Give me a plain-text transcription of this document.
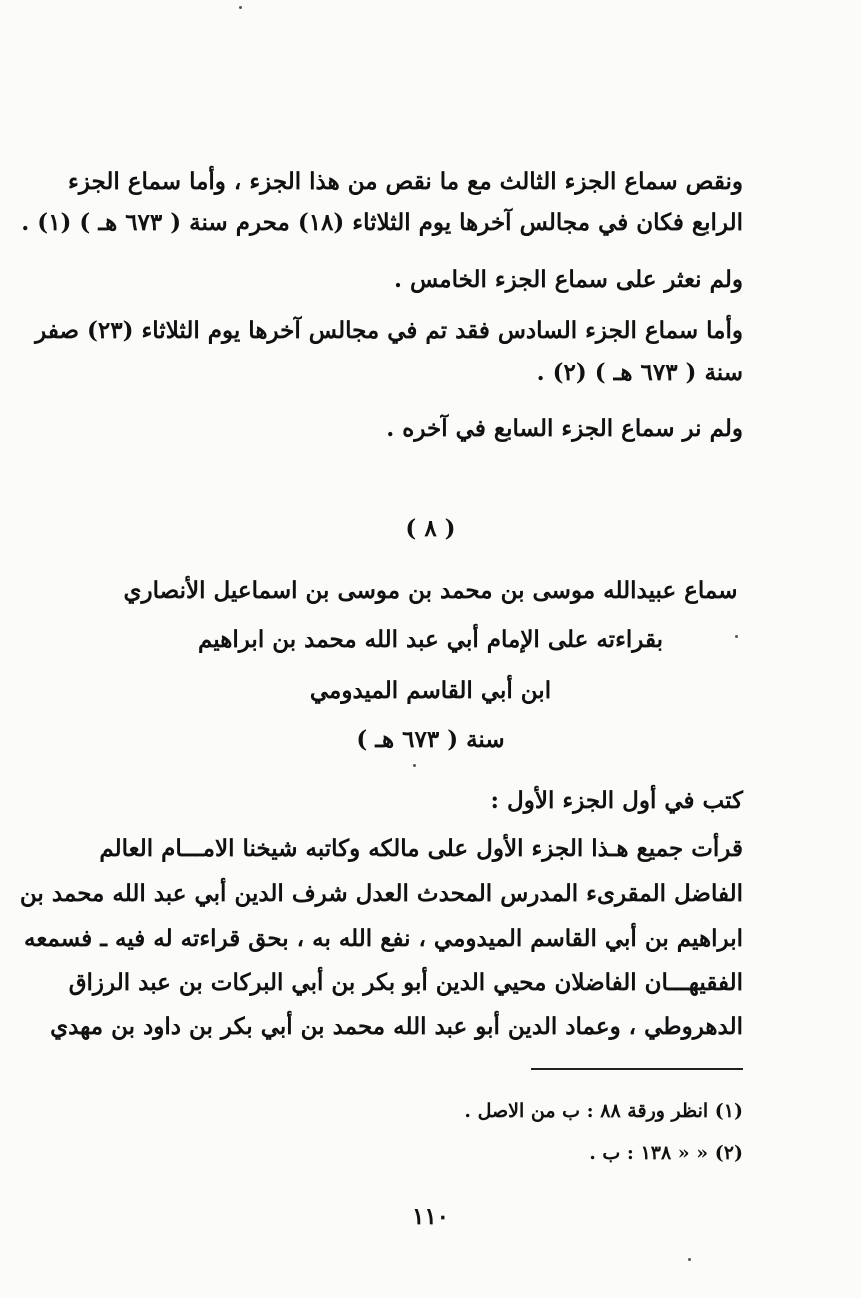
ونقص سماع الجزء الثالث مع ما نقص من هذا الجزء ، وأما سماع الجزء
الرابع فكان في مجالس آخرها يوم الثلاثاء (١٨) محرم سنة ( ٦٧٣ هـ ) (١) .
ولم نعثر على سماع الجزء الخامس .
وأما سماع الجزء السادس فقد تم في مجالس آخرها يوم الثلاثاء (٢٣) صفر
سنة ( ٦٧٣ هـ ) (٢) .
ولم نر سماع الجزء السابع في آخره .
( ٨ )
سماع عبيدالله موسى بن محمد بن موسى بن اسماعيل الأنصاري
بقراءته على الإمام أبي عبد الله محمد بن ابراهيم
ابن أبي القاسم الميدومي
سنة ( ٦٧٣ هـ )
كتب في أول الجزء الأول :
قرأت جميع هـذا الجزء الأول على مالكه وكاتبه شيخنا الامـــام العالم
الفاضل المقرىء المدرس المحدث العدل شرف الدين أبي عبد الله محمد بن
ابراهيم بن أبي القاسم الميدومي ، نفع الله به ، بحق قراءته له فيه ـ فسمعه
الفقيهـــان الفاضلان محيي الدين أبو بكر بن أبي البركات بن عبد الرزاق
الدهروطي ، وعماد الدين أبو عبد الله محمد بن أبي بكر بن داود بن مهدي
(١) انظر ورقة ٨٨ : ب من الاصل .
(٢) « « ١٣٨ : ب .
١١٠
